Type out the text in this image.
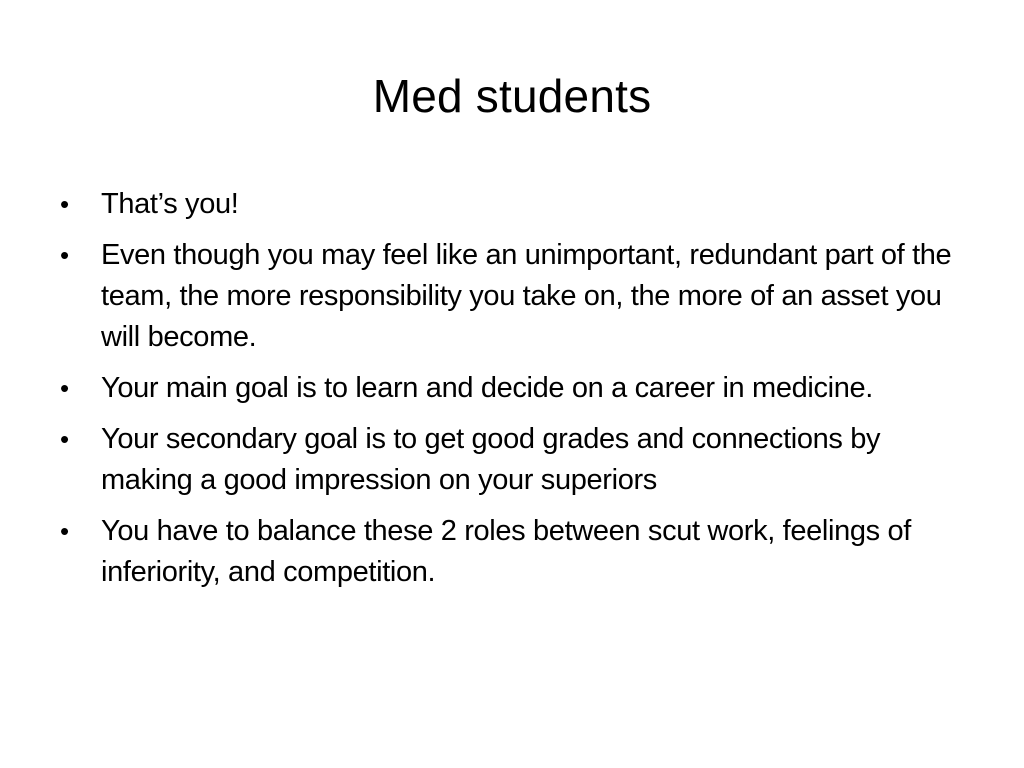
Med students
•	That’s you!
•	Even though you may feel like an unimportant, redundant part of the team, the more responsibility you take on, the more of an asset you will become.
•	Your main goal is to learn and decide on a career in medicine.
•	Your secondary goal is to get good grades and connections by making a good impression on your superiors
•	You have to balance these 2 roles between scut work, feelings of inferiority, and competition.
